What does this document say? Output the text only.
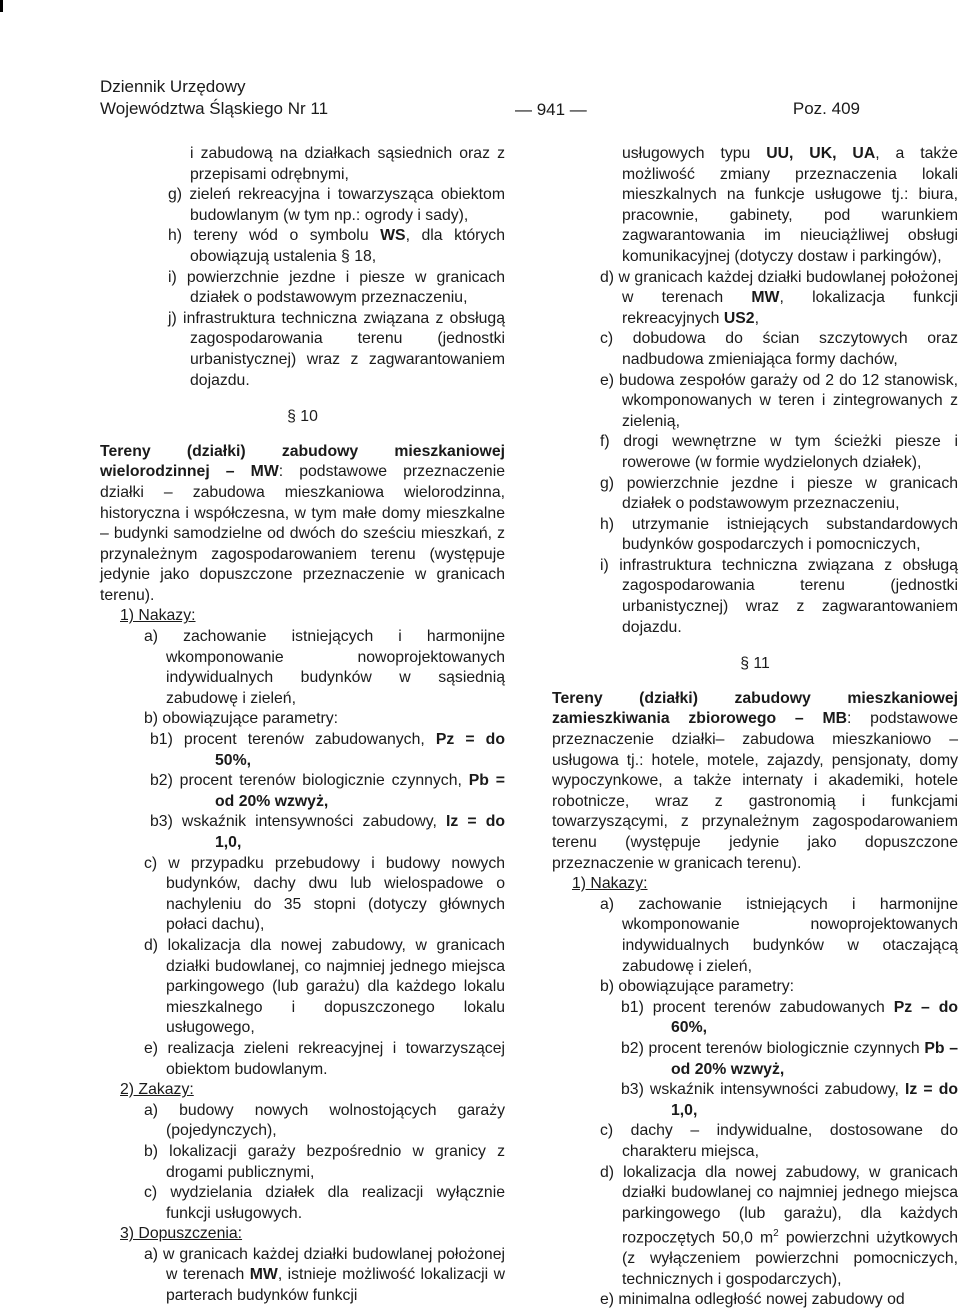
Dziennik Urzędowy
Województwa Śląskiego Nr 11	— 941 —	Poz. 409
i zabudową na działkach sąsiednich oraz z przepisami odrębnymi,
g) zieleń rekreacyjna i towarzysząca obiektom budowlanym (w tym np.: ogrody i sady),
h) tereny wód o symbolu WS, dla których obowiązują ustalenia § 18,
i) powierzchnie jezdne i piesze w granicach działek o podstawowym przeznaczeniu,
j) infrastruktura techniczna związana z obsługą zagospodarowania terenu (jednostki urbanistycznej) wraz z zagwarantowaniem dojazdu.
§ 10
Tereny (działki) zabudowy mieszkaniowej wielorodzinnej – MW: podstawowe przeznaczenie działki – zabudowa mieszkaniowa wielorodzinna, historyczna i współczesna, w tym małe domy mieszkalne – budynki samodzielne od dwóch do sześciu mieszkań, z przynależnym zagospodarowaniem terenu (występuje jedynie jako dopuszczone przeznaczenie w granicach terenu).
1) Nakazy:
a) zachowanie istniejących i harmonijne wkomponowanie nowoprojektowanych indywidualnych budynków w sąsiednią zabudowę i zieleń,
b) obowiązujące parametry:
b1) procent terenów zabudowanych, Pz = do 50%,
b2) procent terenów biologicznie czynnych, Pb = od 20% wzwyż,
b3) wskaźnik intensywności zabudowy, Iz = do 1,0,
c) w przypadku przebudowy i budowy nowych budynków, dachy dwu lub wielospadowe o nachyleniu do 35 stopni (dotyczy głównych połaci dachu),
d) lokalizacja dla nowej zabudowy, w granicach działki budowlanej, co najmniej jednego miejsca parkingowego (lub garażu) dla każdego lokalu mieszkalnego i dopuszczonego lokalu usługowego,
e) realizacja zieleni rekreacyjnej i towarzyszącej obiektom budowlanym.
2) Zakazy:
a) budowy nowych wolnostojących garaży (pojedynczych),
b) lokalizacji garaży bezpośrednio w granicy z drogami publicznymi,
c) wydzielania działek dla realizacji wyłącznie funkcji usługowych.
3) Dopuszczenia:
a) w granicach każdej działki budowlanej położonej w terenach MW, istnieje możliwość lokalizacji w parterach budynków funkcji
usługowych typu UU, UK, UA, a także możliwość zmiany przeznaczenia lokali mieszkalnych na funkcje usługowe tj.: biura, pracownie, gabinety, pod warunkiem zagwarantowania im nieuciążliwej obsługi komunikacyjnej (dotyczy dostaw i parkingów),
d) w granicach każdej działki budowlanej położonej w terenach MW, lokalizacja funkcji rekreacyjnych US2,
c) dobudowa do ścian szczytowych oraz nadbudowa zmieniająca formy dachów,
e) budowa zespołów garaży od 2 do 12 stanowisk, wkomponowanych w teren i zintegrowanych z zielenią,
f) drogi wewnętrzne w tym ścieżki piesze i rowerowe (w formie wydzielonych działek),
g) powierzchnie jezdne i piesze w granicach działek o podstawowym przeznaczeniu,
h) utrzymanie istniejących substandardowych budynków gospodarczych i pomocniczych,
i) infrastruktura techniczna związana z obsługą zagospodarowania terenu (jednostki urbanistycznej) wraz z zagwarantowaniem dojazdu.
§ 11
Tereny (działki) zabudowy mieszkaniowej zamieszkiwania zbiorowego – MB: podstawowe przeznaczenie działki– zabudowa mieszkaniowo – usługowa tj.: hotele, motele, zajazdy, pensjonaty, domy wypoczynkowe, a także internaty i akademiki, hotele robotnicze, wraz z gastronomią i funkcjami towarzyszącymi, z przynależnym zagospodarowaniem terenu (występuje jedynie jako dopuszczone przeznaczenie w granicach terenu).
1) Nakazy:
a) zachowanie istniejących i harmonijne wkomponowanie nowoprojektowanych indywidualnych budynków w otaczającą zabudowę i zieleń,
b) obowiązujące parametry:
b1) procent terenów zabudowanych Pz – do 60%,
b2) procent terenów biologicznie czynnych Pb – od 20% wzwyż,
b3) wskaźnik intensywności zabudowy, Iz = do 1,0,
c) dachy – indywidualne, dostosowane do charakteru miejsca,
d) lokalizacja dla nowej zabudowy, w granicach działki budowlanej co najmniej jednego miejsca parkingowego (lub garażu), dla każdych rozpoczętych 50,0 $m^2$ powierzchni użytkowych (z wyłączeniem powierzchni pomocniczych, technicznych i gospodarczych),
e) minimalna odległość nowej zabudowy od
